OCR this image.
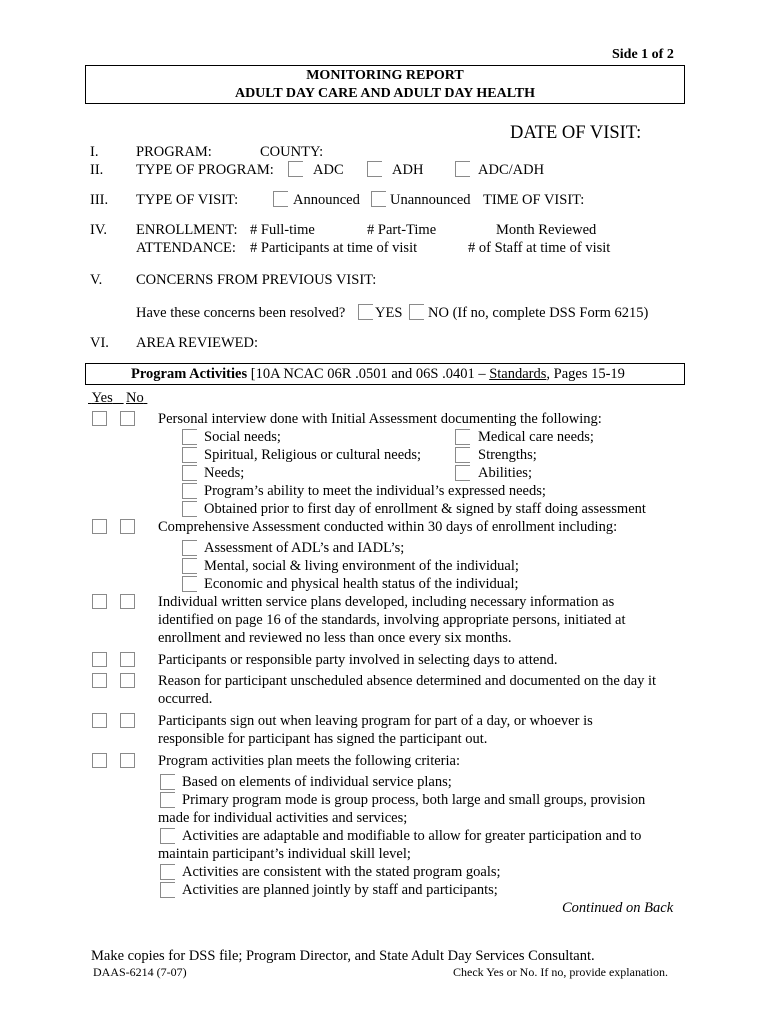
Side 1 of 2
MONITORING REPORT
ADULT DAY CARE AND ADULT DAY HEALTH
DATE OF VISIT:
I.	PROGRAM:	COUNTY:
II. TYPE OF PROGRAM:	ADC	ADH	ADC/ADH
III. TYPE OF VISIT:	Announced Unannounced TIME OF VISIT:
IV. ENROLLMENT: # Full-time	# Part-Time	Month Reviewed
ATTENDANCE: # Participants at time of visit	# of Staff at time of visit
V. CONCERNS FROM PREVIOUS VISIT:
Have these concerns been resolved? YES NO (If no, complete DSS Form 6215)
VI. AREA REVIEWED:
Program Activities [10A NCAC 06R .0501 and 06S .0401 – Standards, Pages 15-19
Yes No
Personal interview done with Initial Assessment documenting the following:
Social needs;	Medical care needs;
Spiritual, Religious or cultural needs;	Strengths;
Needs;	Abilities;
Program’s ability to meet the individual’s expressed needs;
Obtained prior to first day of enrollment & signed by staff doing assessment
Comprehensive Assessment conducted within 30 days of enrollment including:
Assessment of ADL’s and IADL’s;
Mental, social & living environment of the individual;
Economic and physical health status of the individual;
Individual written service plans developed, including necessary information as
identified on page 16 of the standards, involving appropriate persons, initiated at
enrollment and reviewed no less than once every six months.
Participants or responsible party involved in selecting days to attend.
Reason for participant unscheduled absence determined and documented on the day it
occurred.
Participants sign out when leaving program for part of a day, or whoever is
responsible for participant has signed the participant out.
Program activities plan meets the following criteria:
Based on elements of individual service plans;
Primary program mode is group process, both large and small groups, provision
made for individual activities and services;
Activities are adaptable and modifiable to allow for greater participation and to
maintain participant’s individual skill level;
Activities are consistent with the stated program goals;
Activities are planned jointly by staff and participants;
Continued on Back
Make copies for DSS file; Program Director, and State Adult Day Services Consultant.
DAAS-6214 (7-07)	Check Yes or No. If no, provide explanation.
